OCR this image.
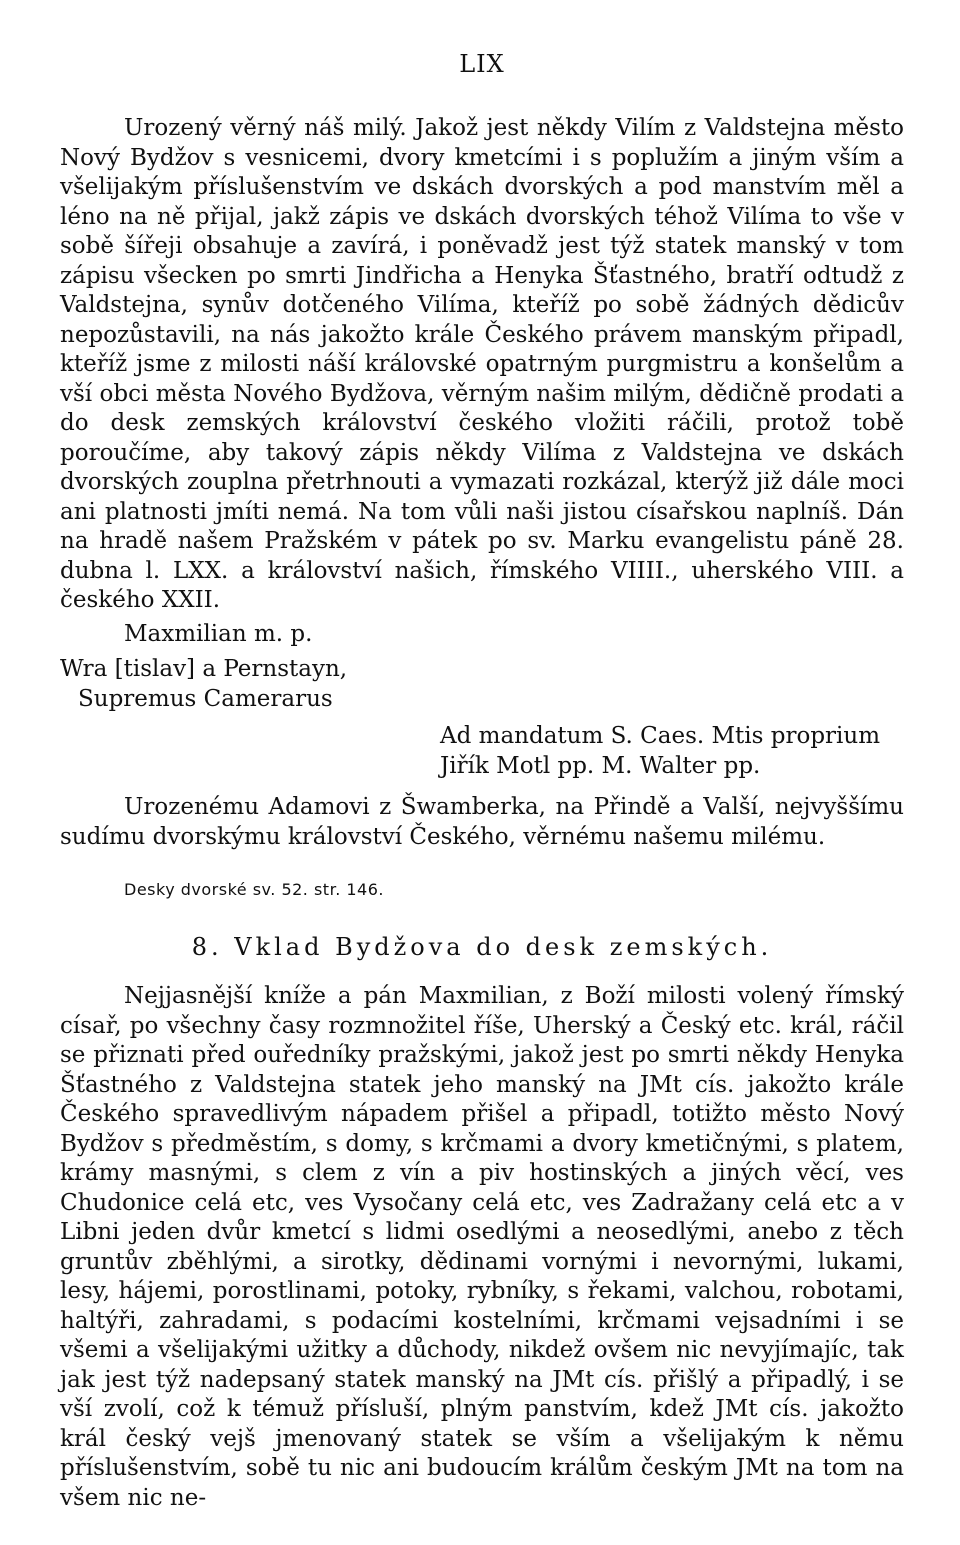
LIX

Urozený věrný náš milý. Jakož jest někdy Vilím z Valdstejna město Nový Bydžov s vesnicemi, dvory kmetcími i s poplužím a jiným vším a všelijakým příslušenstvím ve dskách dvorských a pod manstvím měl a léno na ně přijal, jakž zápis ve dskách dvorských téhož Vilíma to vše v sobě šířeji obsahuje a zavírá, i poněvadž jest týž statek manský v tom zápisu všecken po smrti Jindřicha a Henyka Šťastného, bratří odtudž z Valdstejna, synův dotčeného Vilíma, kteříž po sobě žádných dědicův nepozůstavili, na nás jakožto krále Českého právem manským připadl, kteříž jsme z milosti náší královské opatrným purgmistru a konšelům a vší obci města Nového Bydžova, věrným našim milým, dědičně prodati a do desk zemských království českého vložiti ráčili, protož tobě poroučíme, aby takový zápis někdy Vilíma z Valdstejna ve dskách dvorských zouplna přetrhnouti a vymazati rozkázal, kterýž již dále moci ani platnosti jmíti nemá. Na tom vůli naši jistou císařskou naplníš. Dán na hradě našem Pražském v pátek po sv. Marku evangelistu páně 28. dubna l. LXX. a království našich, římského VIIII., uherského VIII. a českého XXII.

Maxmilian m. p.
Wra [tislav] a Pernstayn,
Supremus Camerarus
Ad mandatum S. Caes. Mtis proprium
Jiřík Motl pp. M. Walter pp.

Urozenému Adamovi z Šwamberka, na Přindě a Valší, nejvyššímu sudímu dvorskýmu království Českého, věrnému našemu milému.

Desky dvorské sv. 52. str. 146.
8. Vklad Bydžova do desk zemských.

Nejjasnější kníže a pán Maxmilian, z Boží milosti volený římský císař, po všechny časy rozmnožitel říše, Uherský a Český etc. král, ráčil se přiznati před ouředníky pražskými, jakož jest po smrti někdy Henyka Šťastného z Valdstejna statek jeho manský na JMt cís. jakožto krále Českého spravedlivým nápadem přišel a připadl, totižto město Nový Bydžov s předměstím, s domy, s krčmami a dvory kmetičnými, s platem, krámy masnými, s clem z vín a piv hostinských a jiných věcí, ves Chudonice celá etc, ves Vysočany celá etc, ves Zadražany celá etc a v Libni jeden dvůr kmetcí s lidmi osedlými a neosedlými, anebo z těch gruntův zběhlými, a sirotky, dědinami vornými i nevornými, lukami, lesy, hájemi, porostlinami, potoky, rybníky, s řekami, valchou, robotami, haltýři, zahradami, s podacími kostelními, krčmami vejsadními i se všemi a všelijakými užitky a důchody, nikdež ovšem nic nevyjímajíc, tak jak jest týž nadepsaný statek manský na JMt cís. přišlý a připadlý, i se vší zvolí, což k témuž přísluší, plným panstvím, kdež JMt cís. jakožto král český vejš jmenovaný statek se vším a všelijakým k němu příslušenstvím, sobě tu nic ani budoucím králům českým JMt na tom na všem nic ne-
